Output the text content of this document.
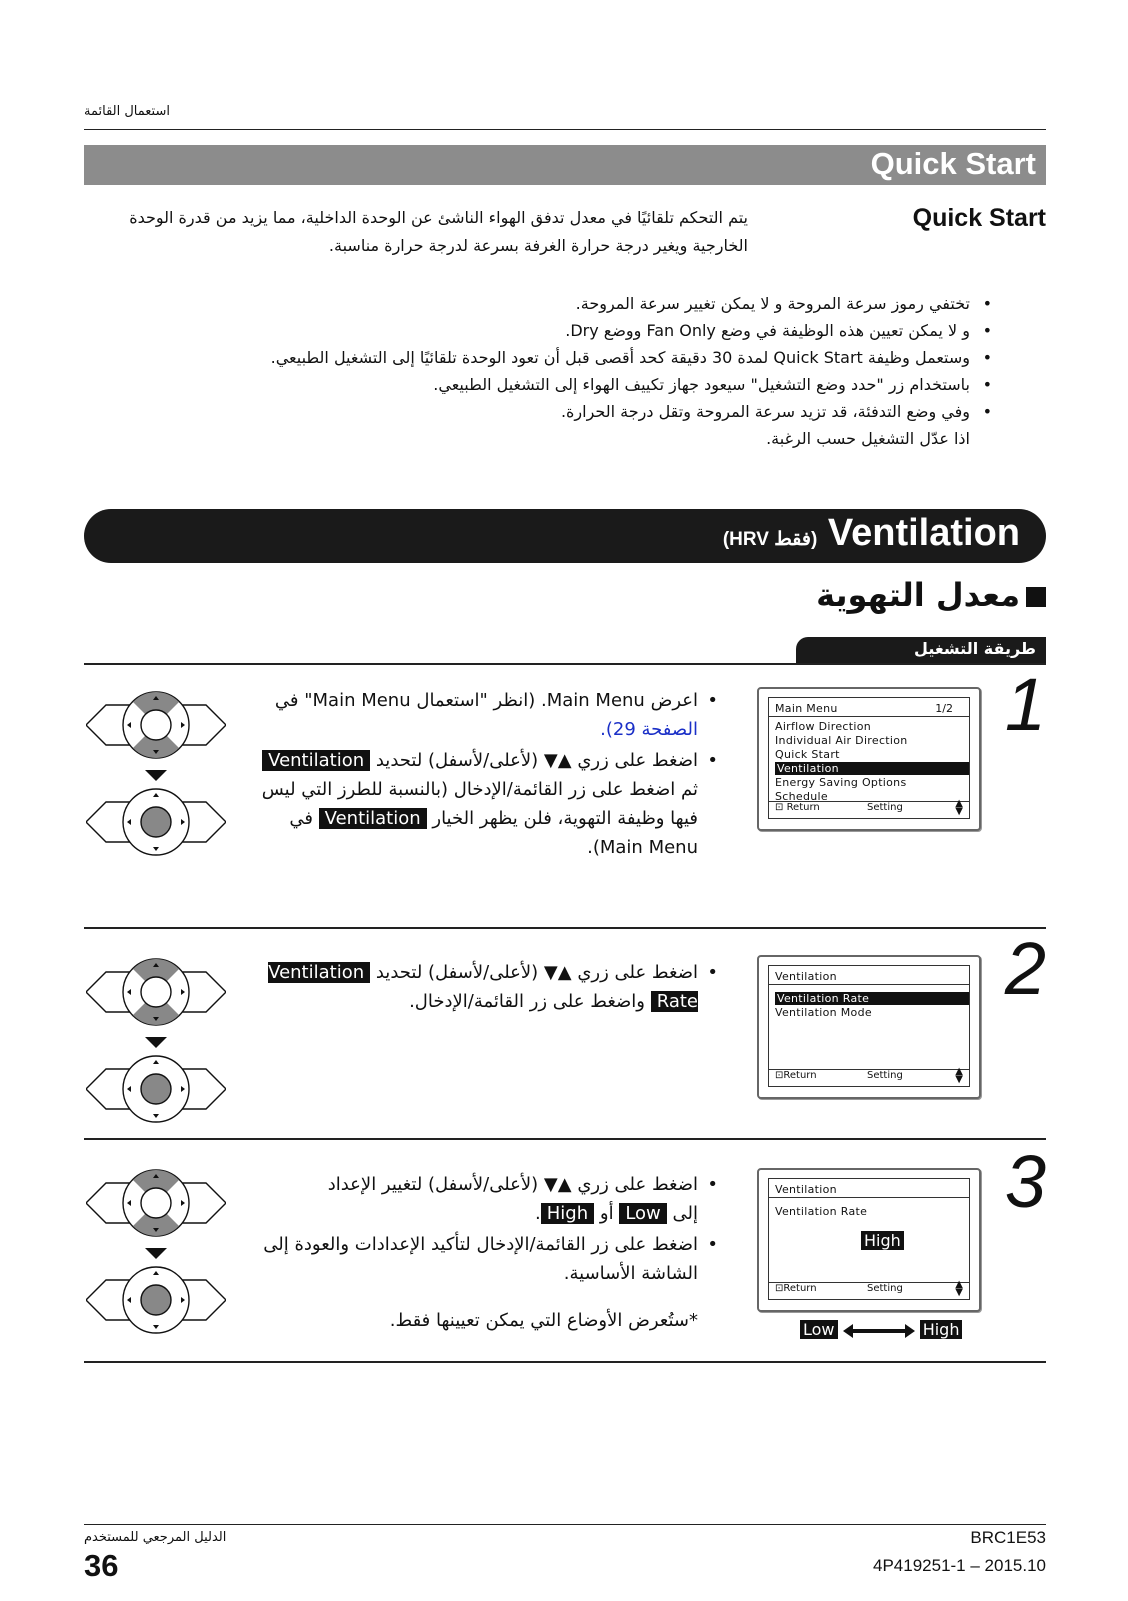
استعمال القائمة
Quick Start
Quick Start
يتم التحكم تلقائيًا في معدل تدفق الهواء الناشئ عن الوحدة الداخلية، مما يزيد من قدرة الوحدة الخارجية ويغير درجة حرارة الغرفة بسرعة لدرجة حرارة مناسبة.
• تختفي رموز سرعة المروحة و لا يمكن تغيير سرعة المروحة.
• و لا يمكن تعيين هذه الوظيفة في وضع Fan Only ووضع Dry.
• وستعمل وظيفة Quick Start لمدة 30 دقيقة كحد أقصى قبل أن تعود الوحدة تلقائيًا إلى التشغيل الطبيعي.
• باستخدام زر "حدد وضع التشغيل" سيعود جهاز تكييف الهواء إلى التشغيل الطبيعي.
• وفي وضع التدفئة، قد تزيد سرعة المروحة وتقل درجة الحرارة.
اذا عدّل التشغيل حسب الرغبة.
(HRV فقط) Ventilation
معدل التهوية
طريقة التشغيل
1
Main Menu	1/2
Airflow Direction
Individual Air Direction
Quick Start
Ventilation
Energy Saving Options
Schedule
⊡ Return	Setting	▲
▼
• اعرض Main Menu. (انظر "استعمال Main Menu" في
الصفحة 29).
• اضغط على زري ▲▼ (لأعلى/لأسفل) لتحديد Ventilation ثم اضغط على زر القائمة/الإدخال (بالنسبة للطرز التي ليس فيها وظيفة التهوية، فلن يظهر الخيار Ventilation في Main Menu).
2
Ventilation
Ventilation Rate
Ventilation Mode
⊡Return	Setting	▲
▼
• اضغط على زري ▲▼ (لأعلى/لأسفل) لتحديد Ventilation Rate واضغط على زر القائمة/الإدخال.
3
Ventilation
Ventilation Rate
High
⊡Return	Setting	▲
▼
Low	High
• اضغط على زري ▲▼ (لأعلى/لأسفل) لتغيير الإعداد
إلى Low أو High.
• اضغط على زر القائمة/الإدخال لتأكيد الإعدادات والعودة إلى الشاشة الأساسية.
*ستُعرض الأوضاع التي يمكن تعيينها فقط.
الدليل المرجعي للمستخدم
36
BRC1E53
4P419251-1 – 2015.10
